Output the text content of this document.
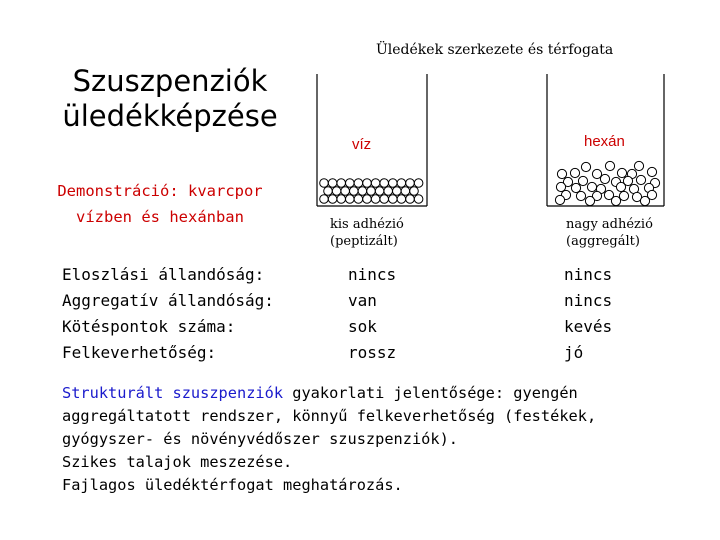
Szuszpenziók
üledékképzése
Demonstráció: kvarcpor
vízben és hexánban
Üledékek szerkezete és térfogata
víz	hexán
kis adhézió
(peptizált)
nagy adhézió
(aggregált)
Eloszlási állandóság:
Aggregatív állandóság:
Kötéspontok száma:
Felkeverhetőség:
nincs
van
sok
rossz
nincs
nincs
kevés
jó
Strukturált szuszpenziók gyakorlati jelentősége: gyengén
aggregáltatott rendszer, könnyű felkeverhetőség (festékek,
gyógyszer- és növényvédőszer szuszpenziók).
Szikes talajok meszezése.
Fajlagos üledéktérfogat meghatározás.
